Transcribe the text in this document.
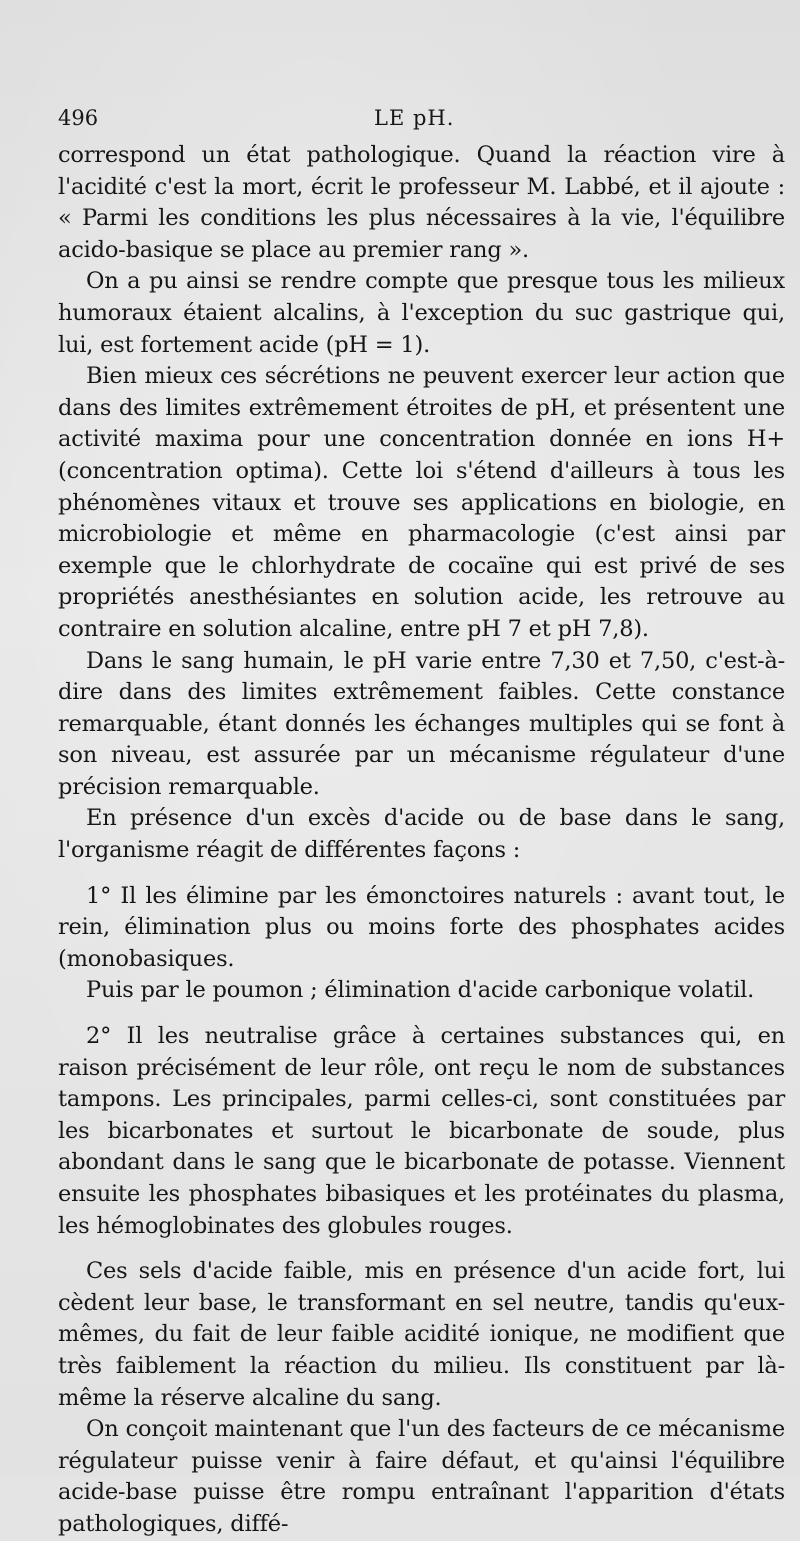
496	LE pH.

correspond un état pathologique. Quand la réaction vire à l'acidité c'est la mort, écrit le professeur M. Labbé, et il ajoute : « Parmi les conditions les plus nécessaires à la vie, l'équilibre acido-basique se place au premier rang ».

On a pu ainsi se rendre compte que presque tous les milieux humoraux étaient alcalins, à l'exception du suc gastrique qui, lui, est fortement acide (pH = 1).

Bien mieux ces sécrétions ne peuvent exercer leur action que dans des limites extrêmement étroites de pH, et présentent une activité maxima pour une concentration donnée en ions H+ (concentration optima). Cette loi s'étend d'ailleurs à tous les phénomènes vitaux et trouve ses applications en biologie, en microbiologie et même en pharmacologie (c'est ainsi par exemple que le chlorhydrate de cocaïne qui est privé de ses propriétés anesthésiantes en solution acide, les retrouve au contraire en solution alcaline, entre pH 7 et pH 7,8).

Dans le sang humain, le pH varie entre 7,30 et 7,50, c'est-à-dire dans des limites extrêmement faibles. Cette constance remarquable, étant donnés les échanges multiples qui se font à son niveau, est assurée par un mécanisme régulateur d'une précision remarquable.

En présence d'un excès d'acide ou de base dans le sang, l'organisme réagit de différentes façons :

1° Il les élimine par les émonctoires naturels : avant tout, le rein, élimination plus ou moins forte des phosphates acides (monobasiques.

Puis par le poumon ; élimination d'acide carbonique volatil.

2° Il les neutralise grâce à certaines substances qui, en raison précisément de leur rôle, ont reçu le nom de substances tampons. Les principales, parmi celles-ci, sont constituées par les bicarbonates et surtout le bicarbonate de soude, plus abondant dans le sang que le bicarbonate de potasse. Viennent ensuite les phosphates bibasiques et les protéinates du plasma, les hémoglobinates des globules rouges.

Ces sels d'acide faible, mis en présence d'un acide fort, lui cèdent leur base, le transformant en sel neutre, tandis qu'eux-mêmes, du fait de leur faible acidité ionique, ne modifient que très faiblement la réaction du milieu. Ils constituent par là-même la réserve alcaline du sang.

On conçoit maintenant que l'un des facteurs de ce mécanisme régulateur puisse venir à faire défaut, et qu'ainsi l'équilibre acide-base puisse être rompu entraînant l'apparition d'états pathologiques, diffé-
